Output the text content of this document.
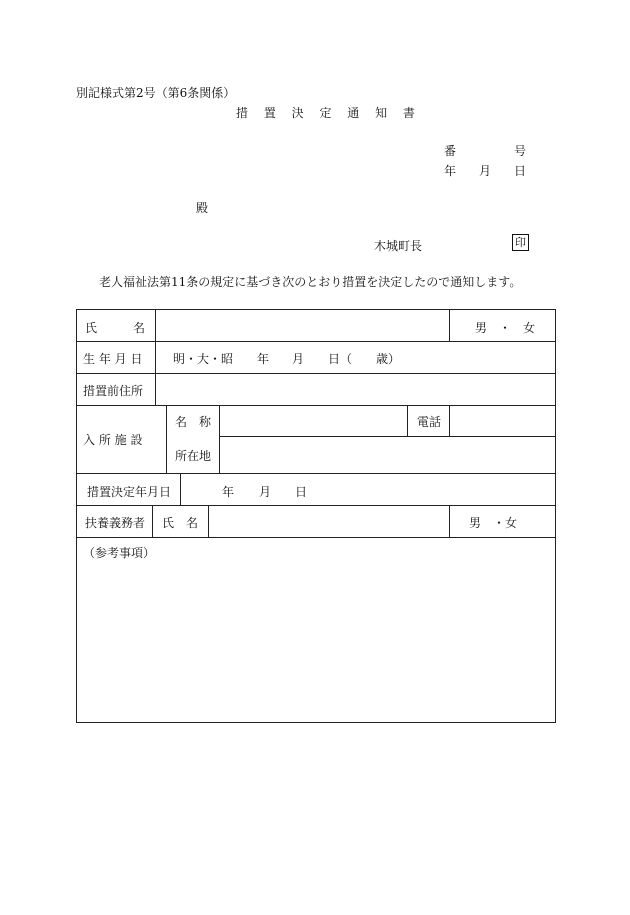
別記様式第2号（第6条関係）
措 置 決 定 通 知 書
番	号
年 月 日
殿
木城町長	印
老人福祉法第11条の規定に基づき次のとおり措置を決定したので通知します。
氏　　　名	男　・　女
生 年 月 日	明・大・昭 年 月 日（　　歳）
措置前住所
入 所 施 設
名　称	電話
所在地
措置決定年月日	年 月 日
扶養義務者 氏　名	男　・女
（参考事項）
